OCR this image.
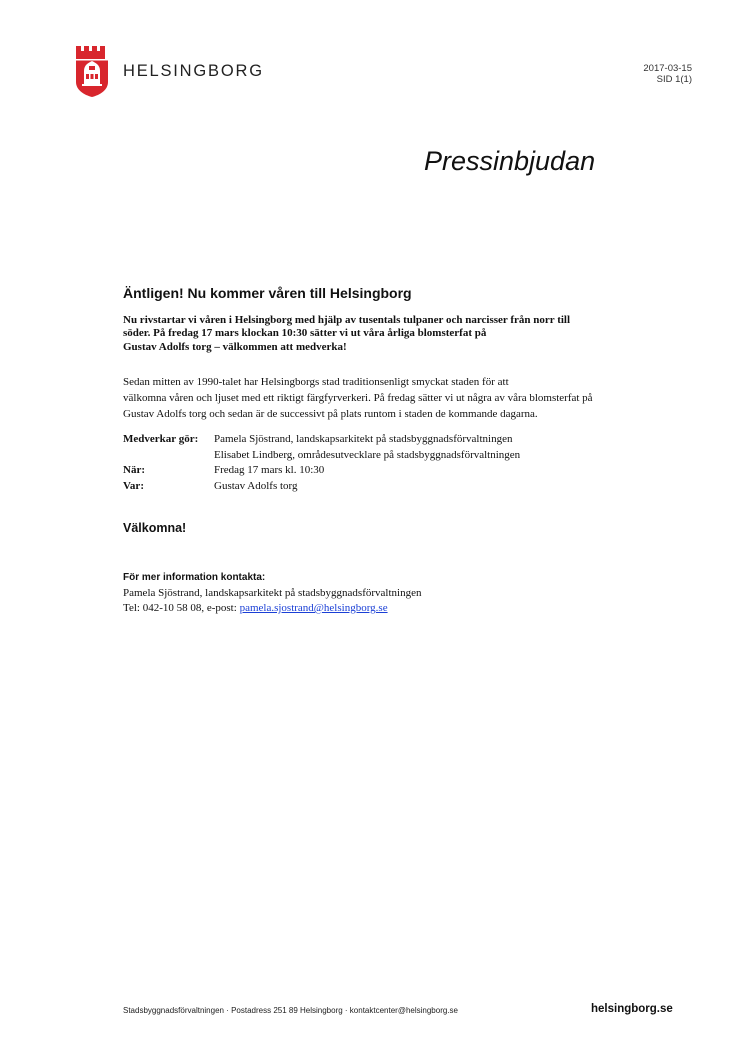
HELSINGBORG	2017-03-15
SID 1(1)
Pressinbjudan
Äntligen! Nu kommer våren till Helsingborg
Nu rivstartar vi våren i Helsingborg med hjälp av tusentals tulpaner och narcisser från norr till
söder. På fredag 17 mars klockan 10:30 sätter vi ut våra årliga blomsterfat på
Gustav Adolfs torg – välkommen att medverka!
Sedan mitten av 1990-talet har Helsingborgs stad traditionsenligt smyckat staden för att
välkomna våren och ljuset med ett riktigt färgfyrverkeri. På fredag sätter vi ut några av våra blomsterfat på
Gustav Adolfs torg och sedan är de successivt på plats runtom i staden de kommande dagarna.
Medverkar gör:	Pamela Sjöstrand, landskapsarkitekt på stadsbyggnadsförvaltningen
Elisabet Lindberg, områdesutvecklare på stadsbyggnadsförvaltningen
När:	Fredag 17 mars kl. 10:30
Var:	Gustav Adolfs torg
Välkomna!
För mer information kontakta:
Pamela Sjöstrand, landskapsarkitekt på stadsbyggnadsförvaltningen
Tel: 042-10 58 08, e-post: pamela.sjostrand@helsingborg.se
Stadsbyggnadsförvaltningen · Postadress 251 89 Helsingborg · kontaktcenter@helsingborg.se	helsingborg.se
